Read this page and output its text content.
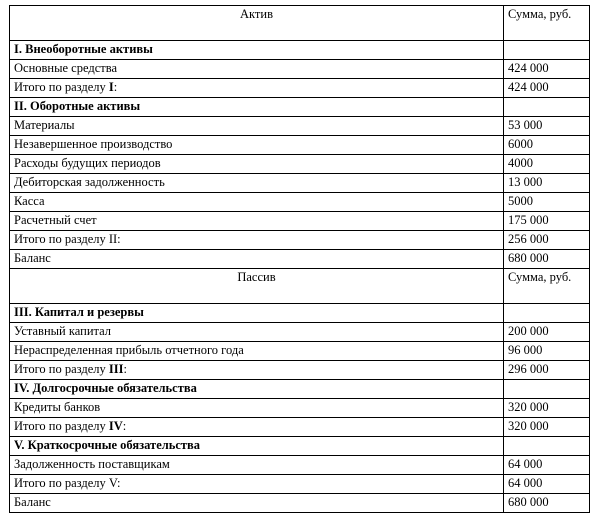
Актив	Сумма, руб.
I. Внеоборотные активы	
Основные средства	424 000
Итого по разделу I:	424 000
II. Оборотные активы	
Материалы	53 000
Незавершенное производство	6000
Расходы будущих периодов	4000
Дебиторская задолженность	13 000
Касса	5000
Расчетный счет	175 000
Итого по разделу II:	256 000
Баланс	680 000
Пассив	Сумма, руб.
III. Капитал и резервы	
Уставный капитал	200 000
Нераспределенная прибыль отчетного года	96 000
Итого по разделу III:	296 000
IV. Долгосрочные обязательства	
Кредиты банков	320 000
Итого по разделу IV:	320 000
V. Краткосрочные обязательства	
Задолженность поставщикам	64 000
Итого по разделу V:	64 000
Баланс	680 000
